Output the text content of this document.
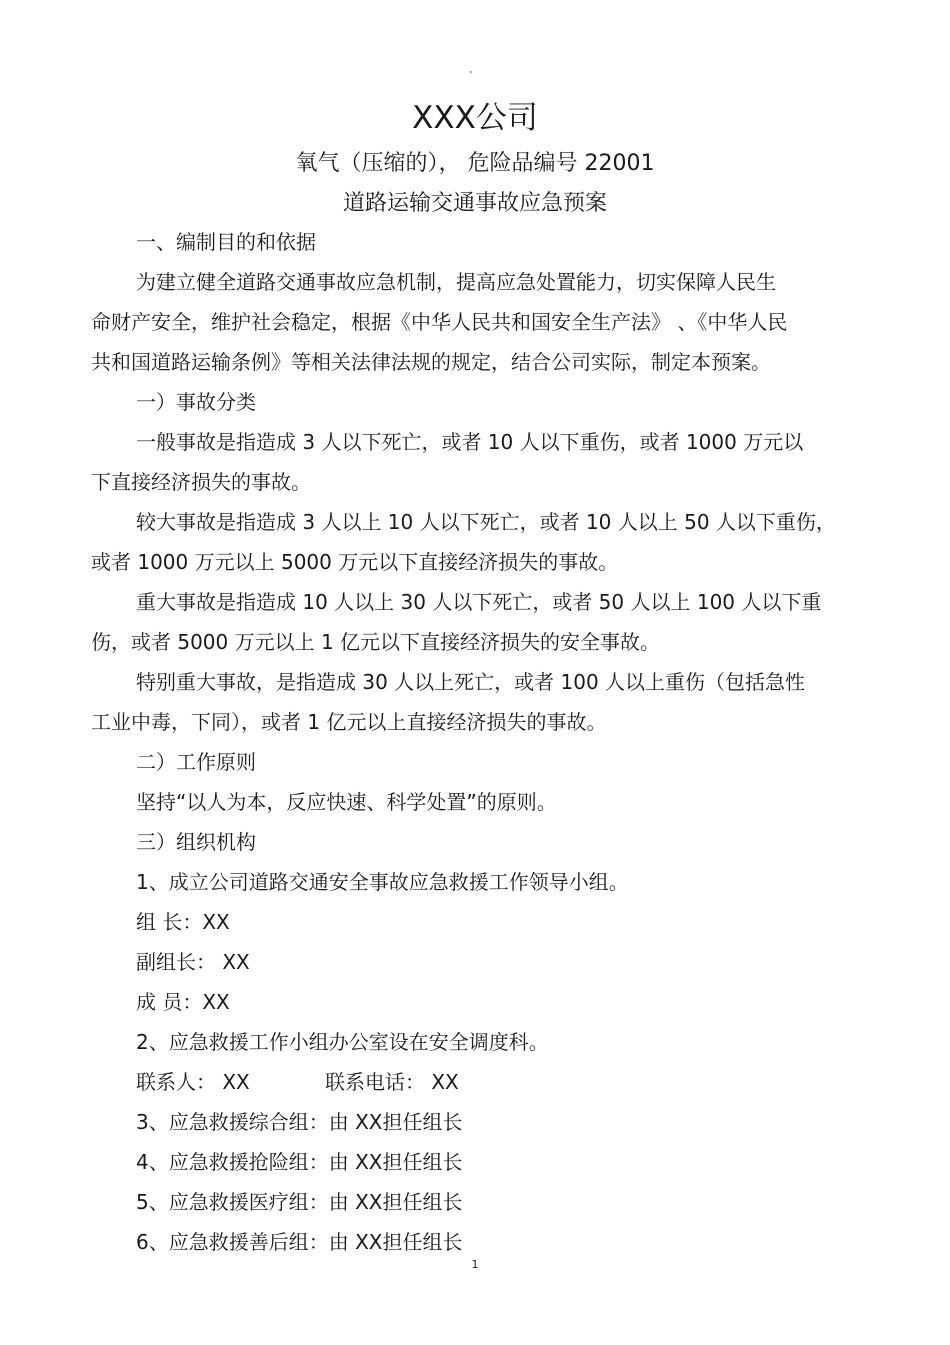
"
XXX公司
氧气（压缩的）， 危险品编号 22001
道路运输交通事故应急预案
一、编制目的和依据
为建立健全道路交通事故应急机制，提高应急处置能力，切实保障人民生
命财产安全，维护社会稳定，根据《中华人民共和国安全生产法》 、《中华人民
共和国道路运输条例》等相关法律法规的规定，结合公司实际，制定本预案。
一）事故分类
一般事故是指造成 3 人以下死亡，或者 10 人以下重伤，或者 1000 万元以
下直接经济损失的事故。
较大事故是指造成 3 人以上 10 人以下死亡，或者 10 人以上 50 人以下重伤，
或者 1000 万元以上 5000 万元以下直接经济损失的事故。
重大事故是指造成 10 人以上 30 人以下死亡，或者 50 人以上 100 人以下重
伤，或者 5000 万元以上 1 亿元以下直接经济损失的安全事故。
特别重大事故，是指造成 30 人以上死亡，或者 100 人以上重伤（包括急性
工业中毒，下同），或者 1 亿元以上直接经济损失的事故。
二）工作原则
坚持“以人为本，反应快速、科学处置”的原则。
三）组织机构
1、成立公司道路交通安全事故应急救援工作领导小组。
组 长：XX
副组长： XX
成 员：XX
2、应急救援工作小组办公室设在安全调度科。
联系人： XX	联系电话： XX
3、应急救援综合组：由 XX担任组长
4、应急救援抢险组：由 XX担任组长
5、应急救援医疗组：由 XX担任组长
6、应急救援善后组：由 XX担任组长
1
